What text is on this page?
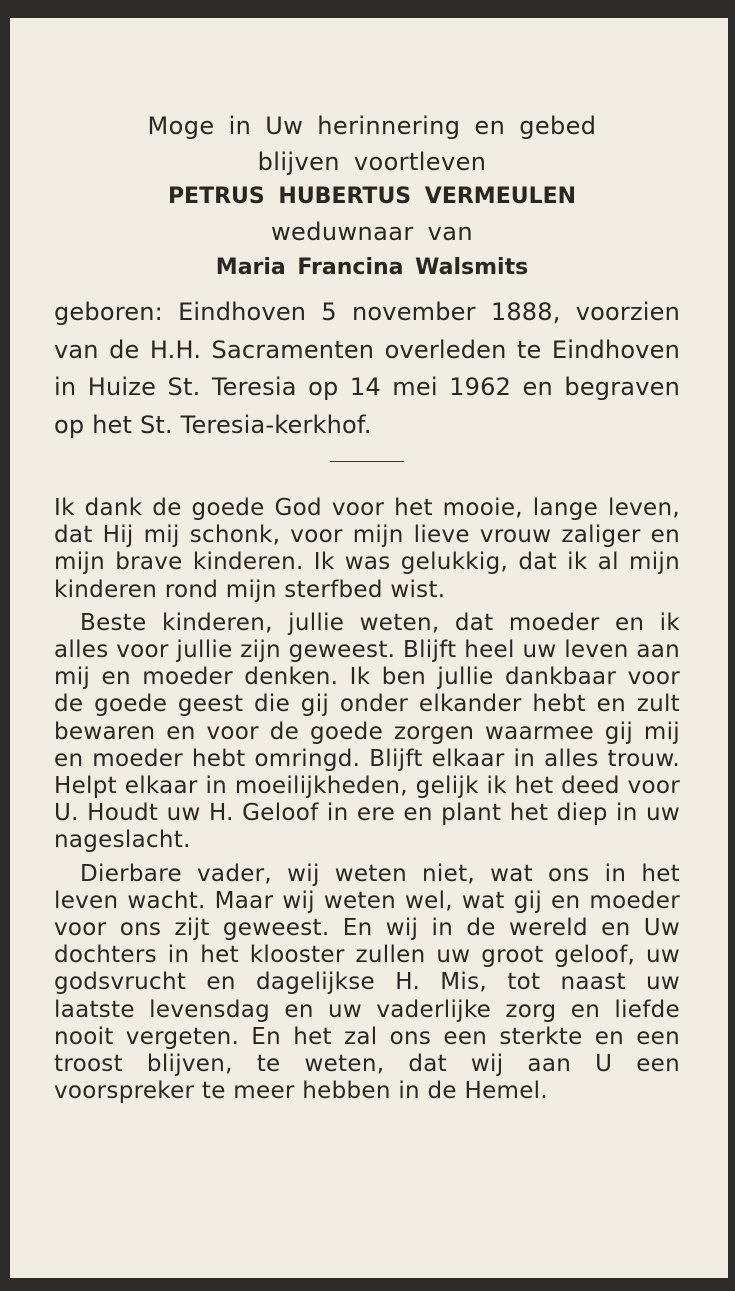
Moge in Uw herinnering en gebed
blijven voortleven
PETRUS HUBERTUS VERMEULEN
weduwnaar van
Maria Francina Walsmits
geboren: Eindhoven 5 november 1888, voorzien van de H.H. Sacramenten overleden te Eindhoven in Huize St. Teresia op 14 mei 1962 en begraven op het St. Teresia-kerkhof.

Ik dank de goede God voor het mooie, lange leven, dat Hij mij schonk, voor mijn lieve vrouw zaliger en mijn brave kinderen. Ik was gelukkig, dat ik al mijn kinderen rond mijn sterfbed wist.

Beste kinderen, jullie weten, dat moeder en ik alles voor jullie zijn geweest. Blijft heel uw leven aan mij en moeder denken. Ik ben jullie dankbaar voor de goede geest die gij onder elkander hebt en zult bewaren en voor de goede zorgen waarmee gij mij en moeder hebt omringd. Blijft elkaar in alles trouw. Helpt elkaar in moeilijkheden, gelijk ik het deed voor U. Houdt uw H. Geloof in ere en plant het diep in uw nageslacht.

Dierbare vader, wij weten niet, wat ons in het leven wacht. Maar wij weten wel, wat gij en moeder voor ons zijt geweest. En wij in de wereld en Uw dochters in het klooster zullen uw groot geloof, uw godsvrucht en dagelijkse H. Mis, tot naast uw laatste levensdag en uw vaderlijke zorg en liefde nooit vergeten. En het zal ons een sterkte en een troost blijven, te weten, dat wij aan U een voorspreker te meer hebben in de Hemel.
